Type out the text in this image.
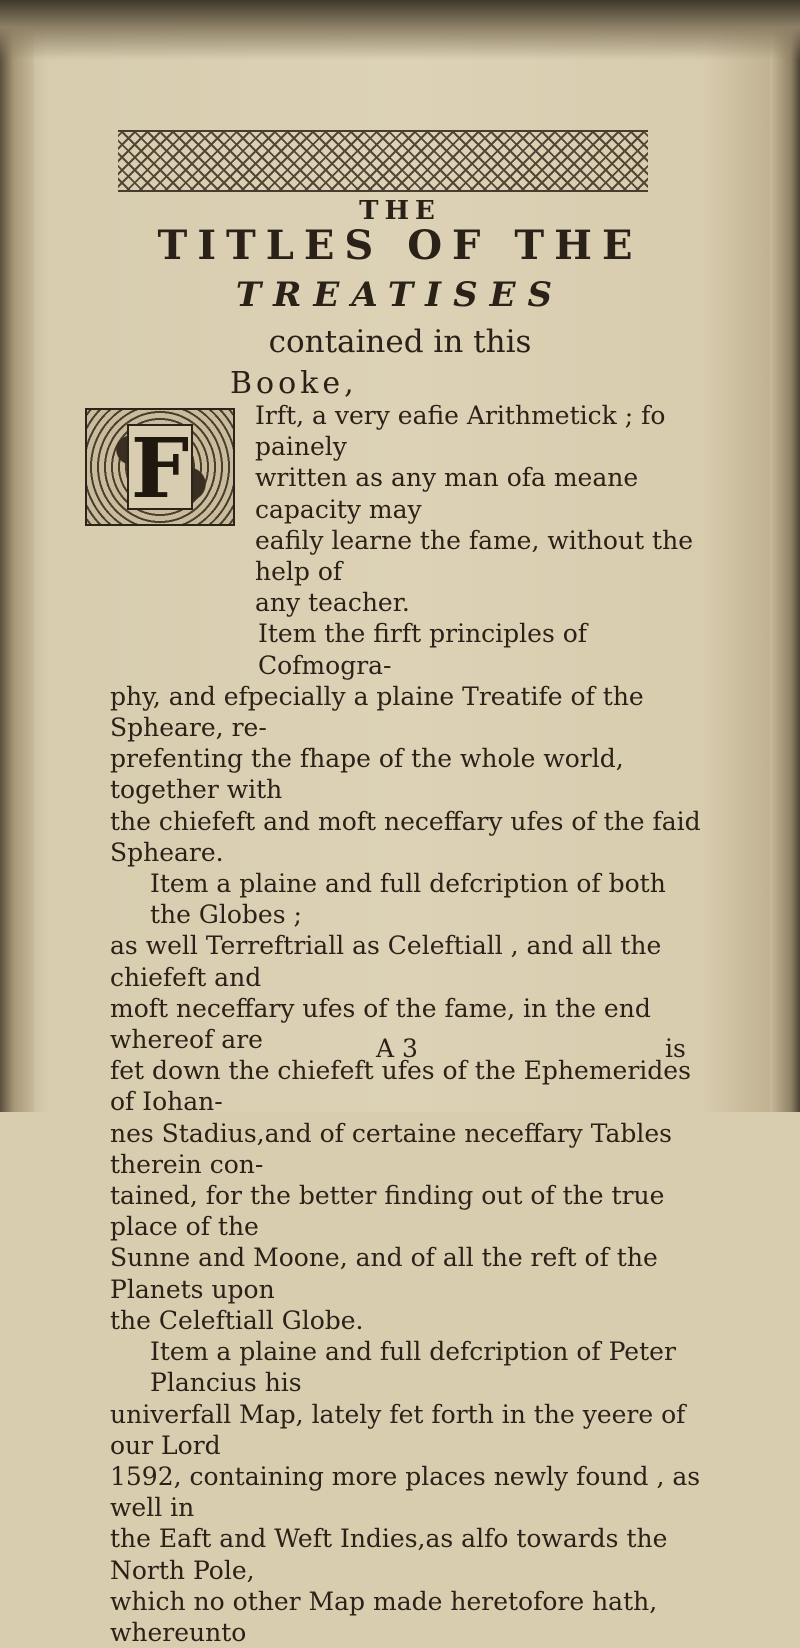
THE
TITLES OF THE
TREATISES
contained in this
Booke,
F
Irft, a very eafie Arithmetick ; fo painely
written as any man ofa meane capacity may
eafily learne the fame, without the help of
any teacher.
Item the firft principles of Cofmogra-
phy, and efpecially a plaine Treatife of the Spheare, re-
prefenting the fhape of the whole world, together with
the chiefeft and moft neceffary ufes of the faid Spheare.
Item a plaine and full defcription of both the Globes ;
as well Terreftriall as Celeftiall , and all the chiefeft and
moft neceffary ufes of the fame, in the end whereof are
fet down the chiefeft ufes of the Ephemerides of Iohan-
nes Stadius,and of certaine neceffary Tables therein con-
tained, for the better finding out of the true place of the
Sunne and Moone, and of all the reft of the Planets upon
the Celeftiall Globe.
Item a plaine and full defcription of Peter Plancius his
univerfall Map, lately fet forth in the yeere of our Lord
1592, containing more places newly found , as well in
the Eaft and Weft Indies,as alfo towards the North Pole,
which no other Map made heretofore hath, whereunto
A 3	is
